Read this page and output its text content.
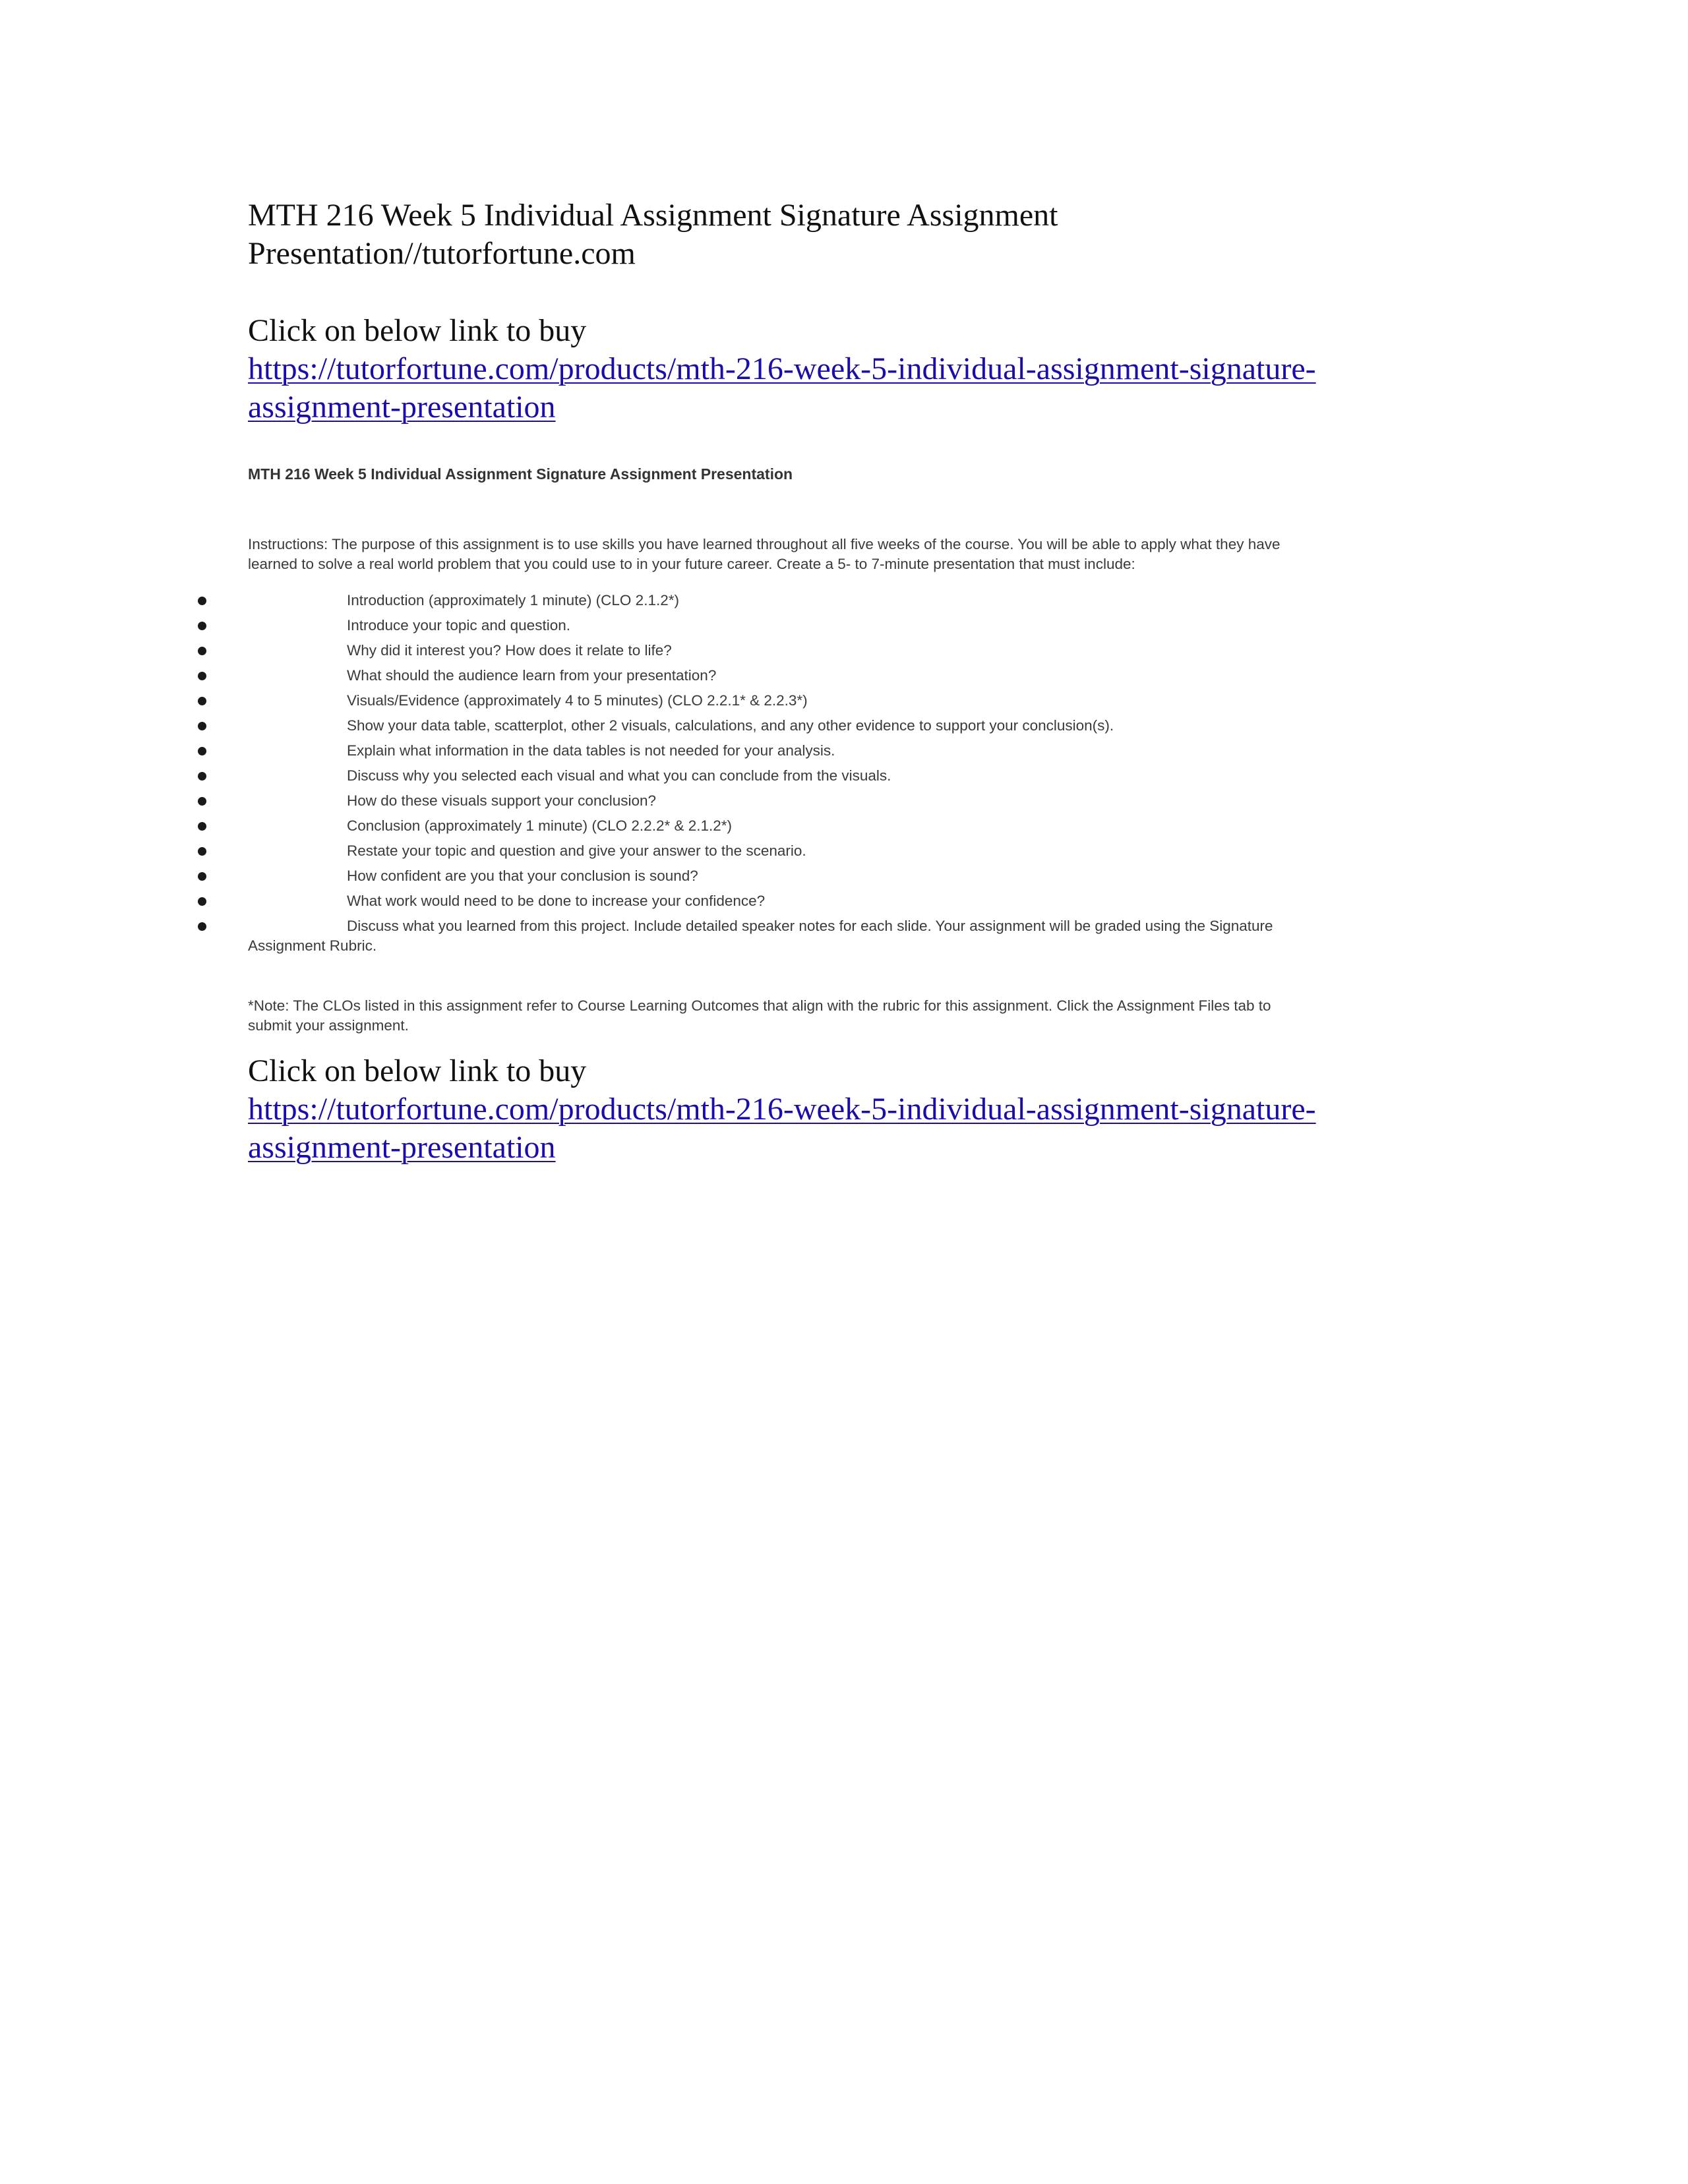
MTH 216 Week 5 Individual Assignment Signature Assignment
Presentation//tutorfortune.com
Click on below link to buy
https://tutorfortune.com/products/mth-216-week-5-individual-assignment-signature-
assignment-presentation

MTH 216 Week 5 Individual Assignment Signature Assignment Presentation

Instructions: The purpose of this assignment is to use skills you have learned throughout all five weeks of the course. You will be able to apply what they have
learned to solve a real world problem that you could use to in your future career. Create a 5- to 7-minute presentation that must include:

Introduction (approximately 1 minute) (CLO 2.1.2*)
Introduce your topic and question.
Why did it interest you? How does it relate to life?
What should the audience learn from your presentation?
Visuals/Evidence (approximately 4 to 5 minutes) (CLO 2.2.1* & 2.2.3*)
Show your data table, scatterplot, other 2 visuals, calculations, and any other evidence to support your conclusion(s).
Explain what information in the data tables is not needed for your analysis.
Discuss why you selected each visual and what you can conclude from the visuals.
How do these visuals support your conclusion?
Conclusion (approximately 1 minute) (CLO 2.2.2* & 2.1.2*)
Restate your topic and question and give your answer to the scenario.
How confident are you that your conclusion is sound?
What work would need to be done to increase your confidence?
Discuss what you learned from this project. Include detailed speaker notes for each slide. Your assignment will be graded using the Signature
Assignment Rubric.

*Note: The CLOs listed in this assignment refer to Course Learning Outcomes that align with the rubric for this assignment. Click the Assignment Files tab to
submit your assignment.

Click on below link to buy
https://tutorfortune.com/products/mth-216-week-5-individual-assignment-signature-
assignment-presentation
